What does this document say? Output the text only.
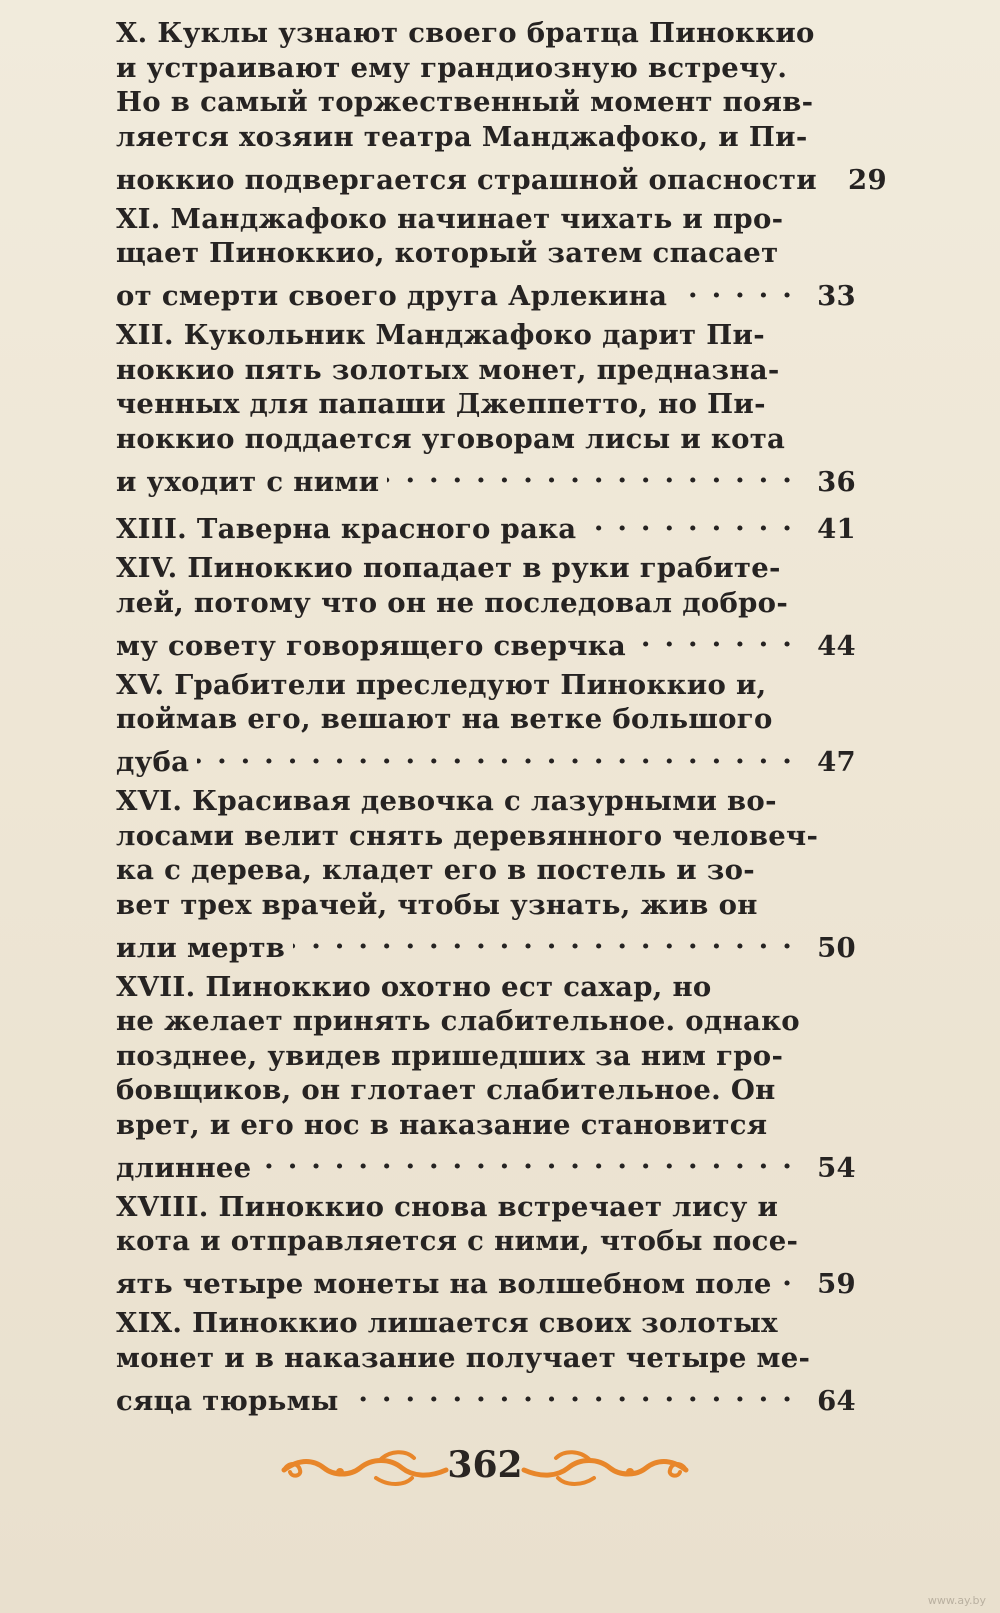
X. Куклы узнают своего братца Пиноккио
и устраивают ему грандиозную встречу.
Но в самый торжественный момент появ-
ляется хозяин театра Манджафоко, и Пи-
ноккио подвергается страшной опасности	29
XI. Манджафоко начинает чихать и про-
щает Пиноккио, который затем спасает
от смерти своего друга Арлекина . . .	33
XII. Кукольник Манджафоко дарит Пи-
ноккио пять золотых монет, предназна-
ченных для папаши Джеппетто, но Пи-
ноккио поддается уговорам лисы и кота
и уходит с ними . . .	36
XIII. Таверна красного рака . . .	41
XIV. Пиноккио попадает в руки грабите-
лей, потому что он не последовал добро-
му совету говорящего сверчка . . .	44
XV. Грабители преследуют Пиноккио и,
поймав его, вешают на ветке большого
дуба . . .	47
XVI. Красивая девочка с лазурными во-
лосами велит снять деревянного человеч-
ка с дерева, кладет его в постель и зо-
вет трех врачей, чтобы узнать, жив он
или мертв . . .	50
XVII. Пиноккио охотно ест сахар, но
не желает принять слабительное. однако
позднее, увидев пришедших за ним гро-
бовщиков, он глотает слабительное. Он
врет, и его нос в наказание становится
длиннее . . .	54
XVIII. Пиноккио снова встречает лису и
кота и отправляется с ними, чтобы посе-
ять четыре монеты на волшебном поле . . .	59
XIX. Пиноккио лишается своих золотых
монет и в наказание получает четыре ме-
сяца тюрьмы . . .	64
362
www.ay.by
